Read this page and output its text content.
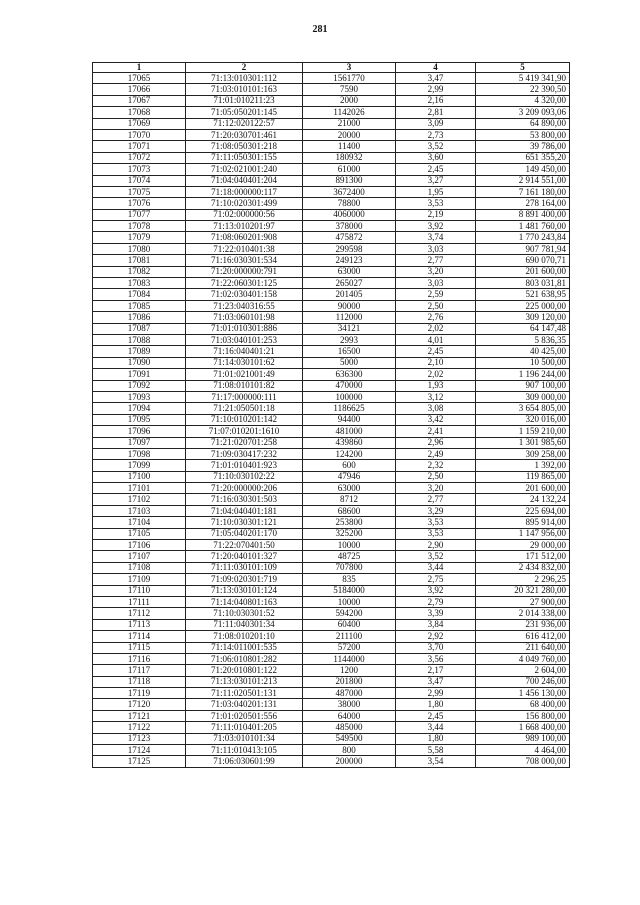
281
1	2	3	4	5
17065	71:13:010301:112	1561770	3,47	5 419 341,90
17066	71:03:010101:163	7590	2,99	22 390,50
17067	71:01:010211:23	2000	2,16	4 320,00
17068	71:05:050201:145	1142026	2,81	3 209 093,06
17069	71:12:020122:57	21000	3,09	64 890,00
17070	71:20:030701:461	20000	2,73	53 800,00
17071	71:08:050301:218	11400	3,52	39 786,00
17072	71:11:050301:155	180932	3,60	651 355,20
17073	71:02:021001:240	61000	2,45	149 450,00
17074	71:04:040401:204	891300	3,27	2 914 551,00
17075	71:18:000000:117	3672400	1,95	7 161 180,00
17076	71:10:020301:499	78800	3,53	278 164,00
17077	71:02:000000:56	4060000	2,19	8 891 400,00
17078	71:13:010201:97	378000	3,92	1 481 760,00
17079	71:08:060201:908	475872	3,74	1 770 243,84
17080	71:22:010401:38	299598	3,03	907 781,94
17081	71:16:030301:534	249123	2,77	690 070,71
17082	71:20:000000:791	63000	3,20	201 600,00
17083	71:22:060301:125	265027	3,03	803 031,81
17084	71:02:030401:158	201405	2,59	521 638,95
17085	71:23:040316:55	90000	2,50	225 000,00
17086	71:03:060101:98	112000	2,76	309 120,00
17087	71:01:010301:886	34121	2,02	64 147,48
17088	71:03:040101:253	2993	4,01	5 836,35
17089	71:16:040401:21	16500	2,45	40 425,00
17090	71:14:030101:62	5000	2,10	10 500,00
17091	71:01:021001:49	636300	2,02	1 196 244,00
17092	71:08:010101:82	470000	1,93	907 100,00
17093	71:17:000000:111	100000	3,12	309 000,00
17094	71:21:050501:18	1186625	3,08	3 654 805,00
17095	71:10:010201:142	94400	3,42	320 016,00
17096	71:07:010201:1610	481000	2,41	1 159 210,00
17097	71:21:020701:258	439860	2,96	1 301 985,60
17098	71:09:030417:232	124200	2,49	309 258,00
17099	71:01:010401:923	600	2,32	1 392,00
17100	71:10:030102:22	47946	2,50	119 865,00
17101	71:20:000000:206	63000	3,20	201 600,00
17102	71:16:030301:503	8712	2,77	24 132,24
17103	71:04:040401:181	68600	3,29	225 694,00
17104	71:10:030301:121	253800	3,53	895 914,00
17105	71:05:040201:170	325200	3,53	1 147 956,00
17106	71:22:070401:50	10000	2,90	29 000,00
17107	71:20:040101:327	48725	3,52	171 512,00
17108	71:11:030101:109	707800	3,44	2 434 832,00
17109	71:09:020301:719	835	2,75	2 296,25
17110	71:13:030101:124	5184000	3,92	20 321 280,00
17111	71:14:040801:163	10000	2,79	27 900,00
17112	71:10:030301:52	594200	3,39	2 014 338,00
17113	71:11:040301:34	60400	3,84	231 936,00
17114	71:08:010201:10	211100	2,92	616 412,00
17115	71:14:011001:535	57200	3,70	211 640,00
17116	71:06:010801:282	1144000	3,56	4 049 760,00
17117	71:20:010801:122	1200	2,17	2 604,00
17118	71:13:030101:213	201800	3,47	700 246,00
17119	71:11:020501:131	487000	2,99	1 456 130,00
17120	71:03:040201:131	38000	1,80	68 400,00
17121	71:01:020501:556	64000	2,45	156 800,00
17122	71:11:010401:205	485000	3,44	1 668 400,00
17123	71:03:010101:34	549500	1,80	989 100,00
17124	71:11:010413:105	800	5,58	4 464,00
17125	71:06:030601:99	200000	3,54	708 000,00
